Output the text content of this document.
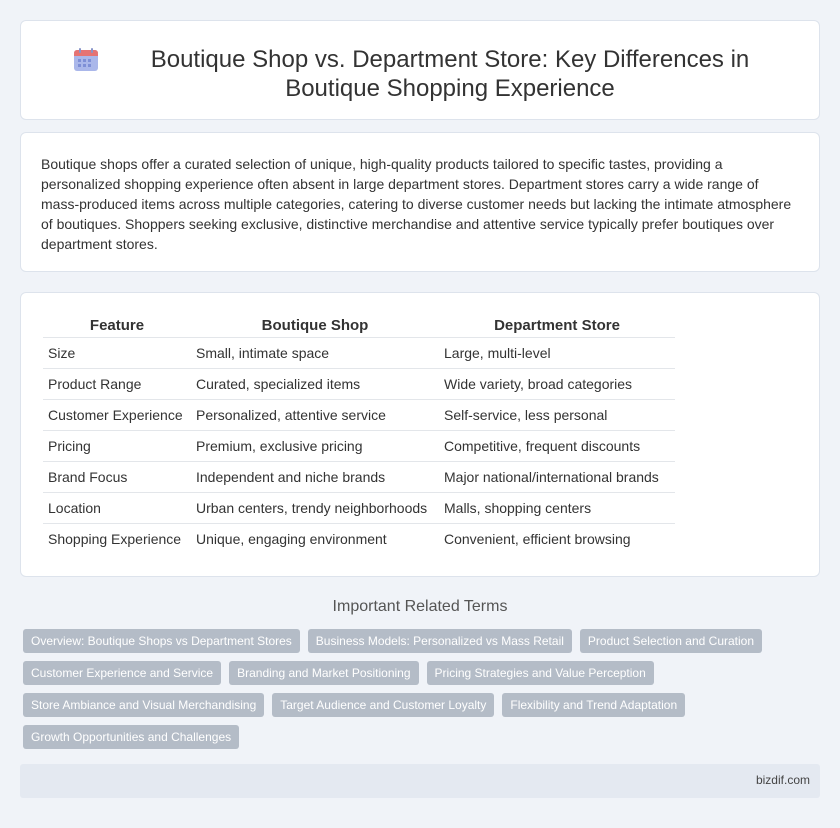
Boutique Shop vs. Department Store: Key Differences in Boutique Shopping Experience

Boutique shops offer a curated selection of unique, high-quality products tailored to specific tastes, providing a personalized shopping experience often absent in large department stores. Department stores carry a wide range of mass-produced items across multiple categories, catering to diverse customer needs but lacking the intimate atmosphere of boutiques. Shoppers seeking exclusive, distinctive merchandise and attentive service typically prefer boutiques over department stores.

Feature	Boutique Shop	Department Store
Size	Small, intimate space	Large, multi-level
Product Range	Curated, specialized items	Wide variety, broad categories
Customer Experience	Personalized, attentive service	Self-service, less personal
Pricing	Premium, exclusive pricing	Competitive, frequent discounts
Brand Focus	Independent and niche brands	Major national/international brands
Location	Urban centers, trendy neighborhoods	Malls, shopping centers
Shopping Experience	Unique, engaging environment	Convenient, efficient browsing
Important Related Terms
Overview: Boutique Shops vs Department Stores	Business Models: Personalized vs Mass Retail	Product Selection and Curation
Customer Experience and Service	Branding and Market Positioning	Pricing Strategies and Value Perception
Store Ambiance and Visual Merchandising	Target Audience and Customer Loyalty	Flexibility and Trend Adaptation
Growth Opportunities and Challenges
bizdif.com
